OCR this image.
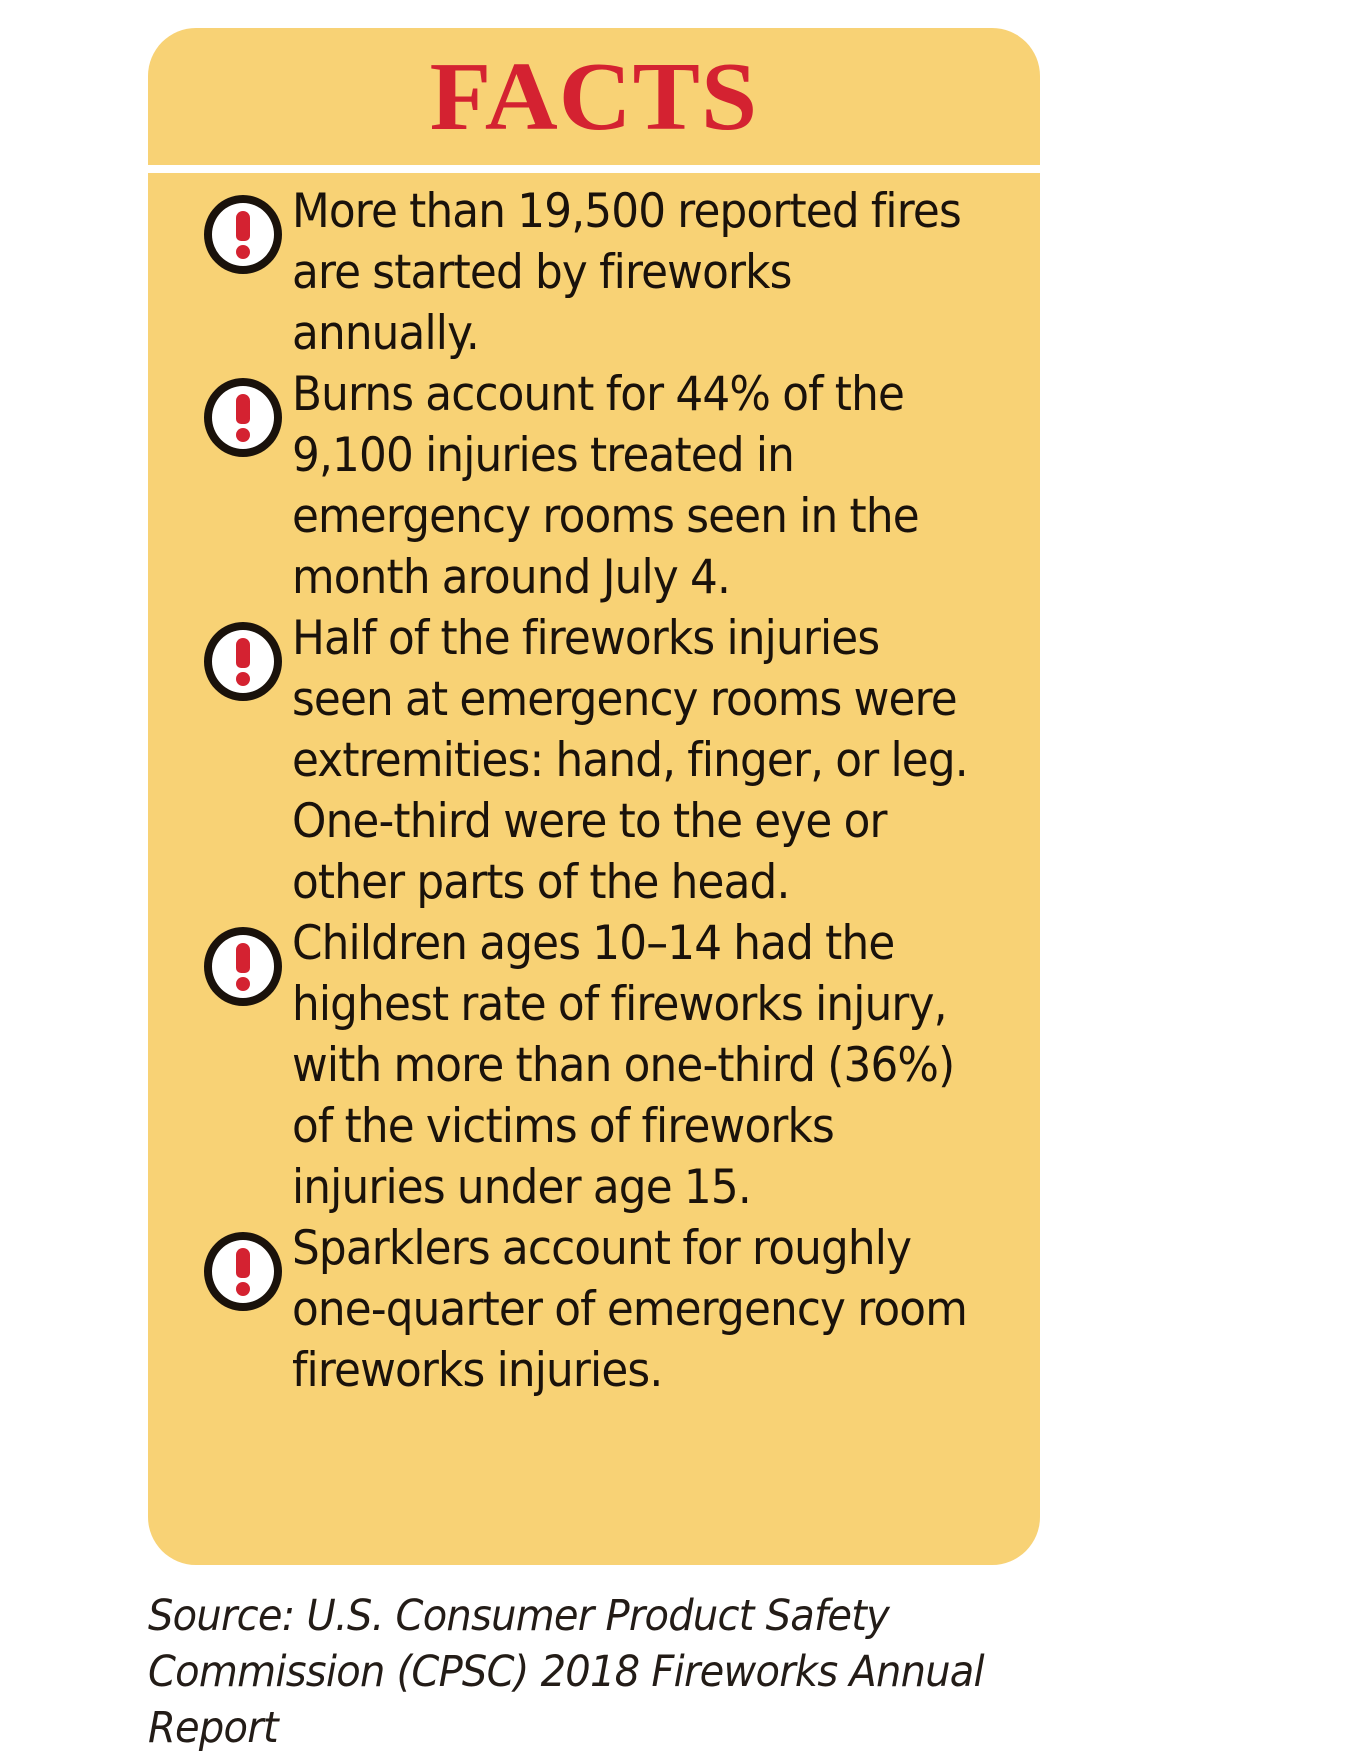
FACTS
More than 19,500 reported fires are started by fireworks annually.
Burns account for 44% of the 9,100 injuries treated in emergency rooms seen in the month around July 4.
Half of the fireworks injuries seen at emergency rooms were extremities: hand, finger, or leg. One-third were to the eye or other parts of the head.
Children ages 10–14 had the highest rate of fireworks injury, with more than one-third (36%) of the victims of fireworks injuries under age 15.
Sparklers account for roughly one-quarter of emergency room fireworks injuries.
Source: U.S. Consumer Product Safety Commission (CPSC) 2018 Fireworks Annual Report
